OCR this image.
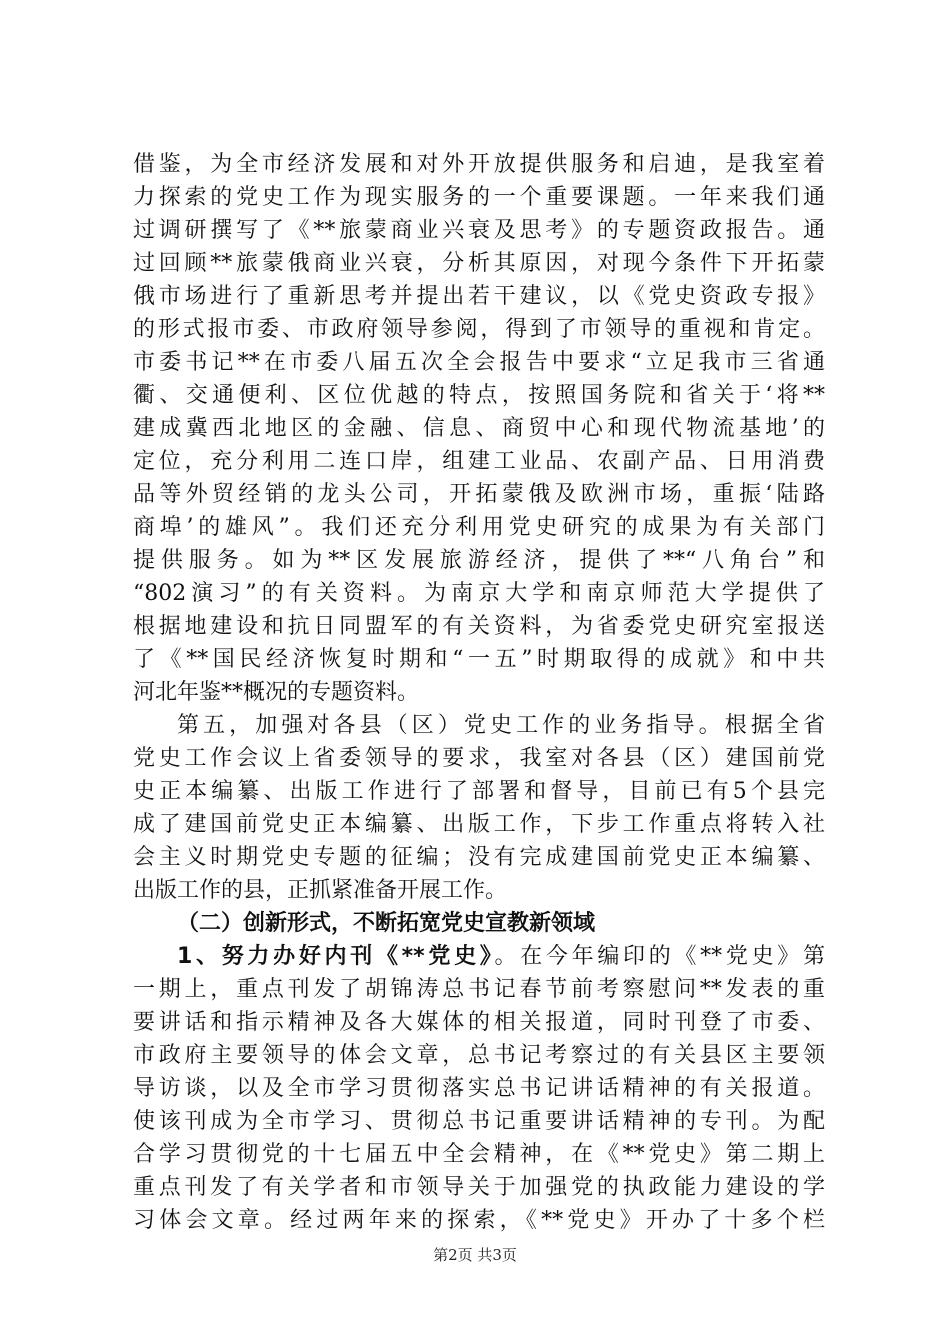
借鉴，为全市经济发展和对外开放提供服务和启迪，是我室着
力探索的党史工作为现实服务的一个重要课题。一年来我们通
过调研撰写了《**旅蒙商业兴衰及思考》的专题资政报告。通
过回顾**旅蒙俄商业兴衰，分析其原因，对现今条件下开拓蒙
俄市场进行了重新思考并提出若干建议，以《党史资政专报》
的形式报市委、市政府领导参阅，得到了市领导的重视和肯定。
市委书记**在市委八届五次全会报告中要求“立足我市三省通
衢、交通便利、区位优越的特点，按照国务院和省关于‘将**
建成冀西北地区的金融、信息、商贸中心和现代物流基地’的
定位，充分利用二连口岸，组建工业品、农副产品、日用消费
品等外贸经销的龙头公司，开拓蒙俄及欧洲市场，重振‘陆路
商埠’的雄风”。我们还充分利用党史研究的成果为有关部门
提供服务。如为**区发展旅游经济，提供了**“八角台”和
“802演习”的有关资料。为南京大学和南京师范大学提供了
根据地建设和抗日同盟军的有关资料，为省委党史研究室报送
了《**国民经济恢复时期和“一五”时期取得的成就》和中共
河北年鉴**概况的专题资料。
第五，加强对各县（区）党史工作的业务指导。根据全省
党史工作会议上省委领导的要求，我室对各县（区）建国前党
史正本编纂、出版工作进行了部署和督导，目前已有5个县完
成了建国前党史正本编纂、出版工作，下步工作重点将转入社
会主义时期党史专题的征编；没有完成建国前党史正本编纂、
出版工作的县，正抓紧准备开展工作。
（二）创新形式，不断拓宽党史宣教新领域
1、努力办好内刊《**党史》。在今年编印的《**党史》第
一期上，重点刊发了胡锦涛总书记春节前考察慰问**发表的重
要讲话和指示精神及各大媒体的相关报道，同时刊登了市委、
市政府主要领导的体会文章，总书记考察过的有关县区主要领
导访谈，以及全市学习贯彻落实总书记讲话精神的有关报道。
使该刊成为全市学习、贯彻总书记重要讲话精神的专刊。为配
合学习贯彻党的十七届五中全会精神，在《**党史》第二期上
重点刊发了有关学者和市领导关于加强党的执政能力建设的学
习体会文章。经过两年来的探索，《**党史》开办了十多个栏
第2页 共3页
